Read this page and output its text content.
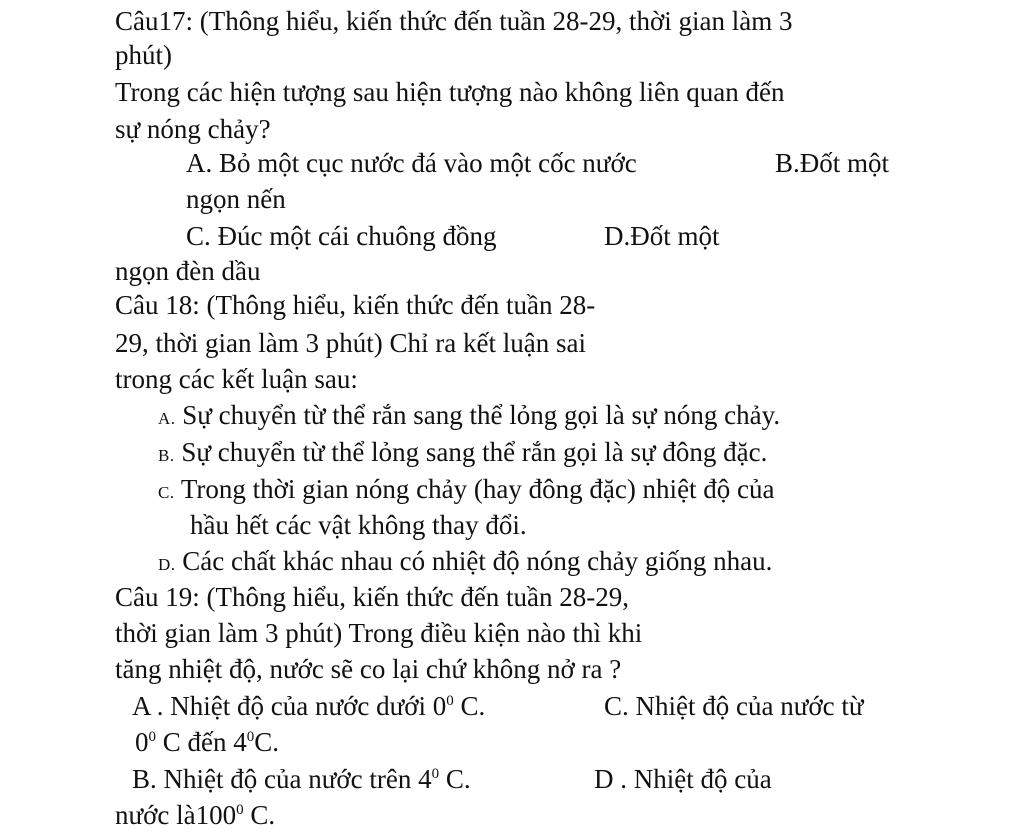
Câu17: (Thông hiểu, kiến thức đến tuần 28-29, thời gian làm 3
phút)
Trong các hiện tượng sau hiện tượng nào không liên quan đến
sự nóng chảy?
A. Bỏ một cục nước đá vào một cốc nước	B.Đốt một
ngọn nến
C. Đúc một cái chuông đồng	D.Đốt một
ngọn đèn dầu
Câu 18: (Thông hiểu, kiến thức đến tuần 28-
29, thời gian làm 3 phút) Chỉ ra kết luận sai
trong các kết luận sau:
A. Sự chuyển từ thể rắn sang thể lỏng gọi là sự nóng chảy.
B. Sự chuyển từ thể lỏng sang thể rắn gọi là sự đông đặc.
C. Trong thời gian nóng chảy (hay đông đặc) nhiệt độ của
hầu hết các vật không thay đổi.
D. Các chất khác nhau có nhiệt độ nóng chảy giống nhau.
Câu 19: (Thông hiểu, kiến thức đến tuần 28-29,
thời gian làm 3 phút) Trong điều kiện nào thì khi
tăng nhiệt độ, nước sẽ co lại chứ không nở ra ?
A . Nhiệt độ của nước dưới $0^0$ C.	C. Nhiệt độ của nước từ
$0^0$ C đến $4^0C$.
B. Nhiệt độ của nước trên $4^0$ C.	D . Nhiệt độ của
nước $là100^0$ C.
